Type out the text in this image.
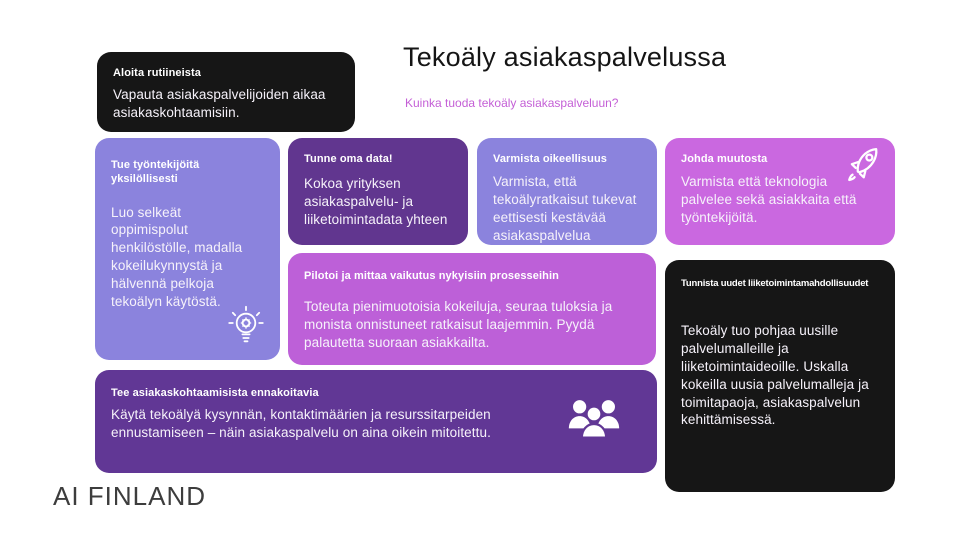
Tekoäly asiakaspalvelussa
Kuinka tuoda tekoäly asiakaspalveluun?
Aloita rutiineista

Vapauta asiakaspalvelijoiden aikaa asiakaskohtaamisiin.

Tue työntekijöitä yksilöllisesti

Luo selkeät oppimispolut henkilöstölle, madalla kokeilukynnystä ja hälvennä pelkoja tekoälyn käytöstä.

Tunne oma data!

Kokoa yrityksen asiakaspalvelu- ja liiketoimintadata yhteen

Varmista oikeellisuus

Varmista, että tekoälyratkaisut tukevat eettisesti kestävää asiakaspalvelua

Johda muutosta

Varmista että teknologia palvelee sekä asiakkaita että työntekijöitä.

Pilotoi ja mittaa vaikutus nykyisiin prosesseihin

Toteuta pienimuotoisia kokeiluja, seuraa tuloksia ja monista onnistuneet ratkaisut laajemmin. Pyydä palautetta suoraan asiakkailta.

Tunnista uudet liiketoimintamahdollisuudet

Tekoäly tuo pohjaa uusille palvelumalleille ja liiketoimintaideoille. Uskalla kokeilla uusia palvelumalleja ja toimitapaoja, asiakaspalvelun kehittämisessä.

Tee asiakaskohtaamisista ennakoitavia

Käytä tekoälyä kysynnän, kontaktimäärien ja resurssitarpeiden ennustamiseen – näin asiakaspalvelu on aina oikein mitoitettu.

AI FINLAND
